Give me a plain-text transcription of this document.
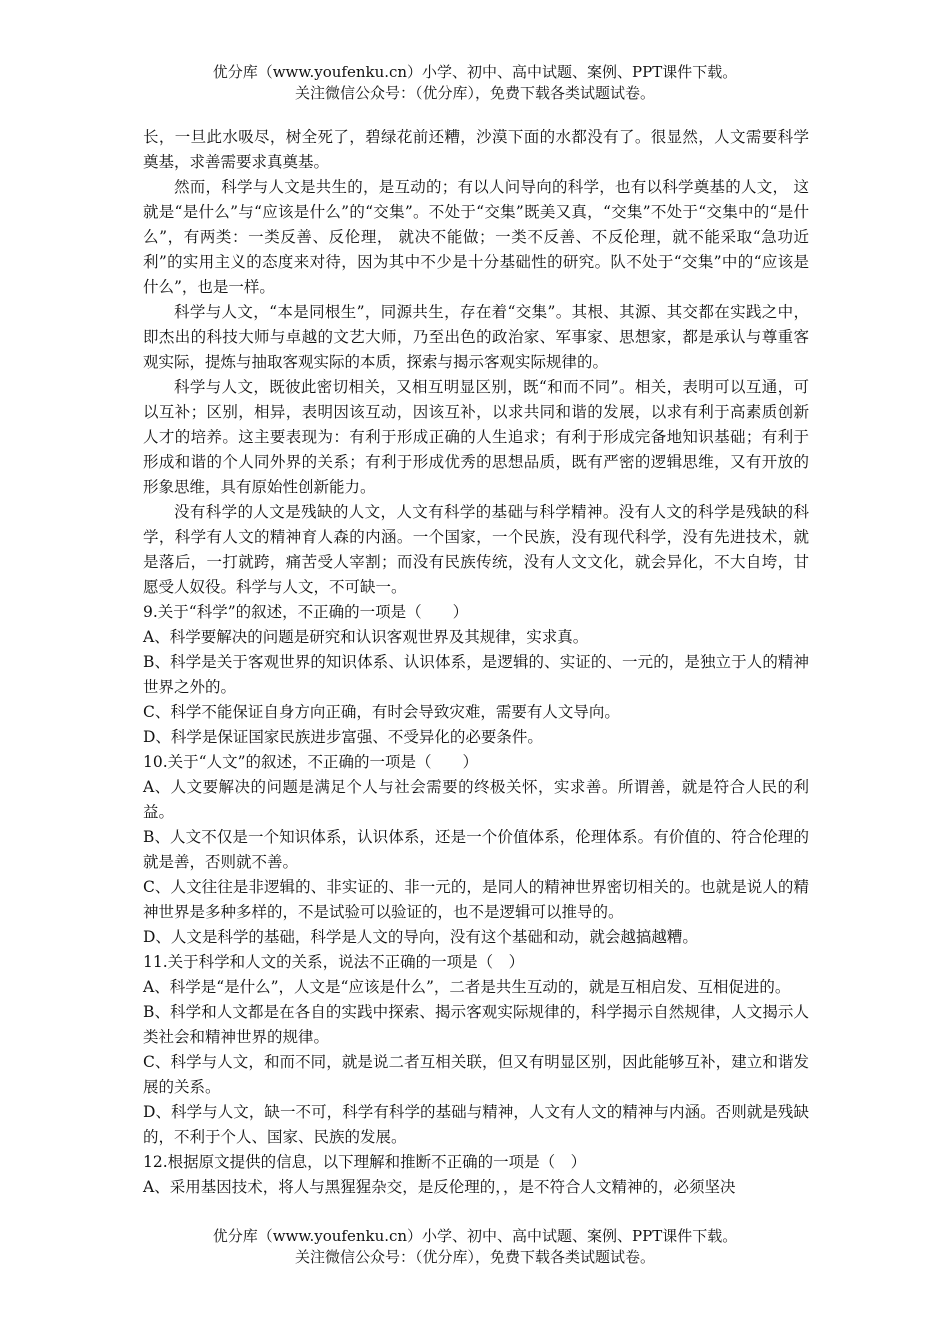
优分库（www.youfenku.cn）小学、初中、高中试题、案例、PPT课件下载。
关注微信公众号：（优分库），免费下载各类试题试卷。

长，一旦此水吸尽，树全死了，碧绿花前还糟，沙漠下面的水都没有了。很显然，人文需要科学奠基，求善需要求真奠基。

然而，科学与人文是共生的，是互动的；有以人问导向的科学，也有以科学奠基的人文， 这就是“是什么”与“应该是什么”的“交集”。不处于“交集”既美又真，“交集”不处于“交集中的“是什么”，有两类：一类反善、反伦理， 就决不能做；一类不反善、不反伦理，就不能采取“急功近利”的实用主义的态度来对待，因为其中不少是十分基础性的研究。队不处于“交集”中的“应该是什么”，也是一样。

科学与人文，“本是同根生”，同源共生，存在着“交集”。其根、其源、其交都在实践之中，即杰出的科技大师与卓越的文艺大师，乃至出色的政治家、军事家、思想家，都是承认与尊重客观实际，提炼与抽取客观实际的本质，探索与揭示客观实际规律的。

科学与人文，既彼此密切相关，又相互明显区别，既“和而不同”。相关，表明可以互通，可以互补；区别，相异，表明因该互动，因该互补，以求共同和谐的发展，以求有利于高素质创新人才的培养。这主要表现为：有利于形成正确的人生追求；有利于形成完备地知识基础；有利于形成和谐的个人同外界的关系；有利于形成优秀的思想品质，既有严密的逻辑思维，又有开放的形象思维，具有原始性创新能力。

没有科学的人文是残缺的人文，人文有科学的基础与科学精神。没有人文的科学是残缺的科学，科学有人文的精神育人森的内涵。一个国家，一个民族，没有现代科学，没有先进技术，就是落后，一打就跨，痛苦受人宰割；而没有民族传统，没有人文文化，就会异化，不大自垮，甘愿受人奴役。科学与人文，不可缺一。

9.关于“科学”的叙述，不正确的一项是（　　）

A、科学要解决的问题是研究和认识客观世界及其规律，实求真。

B、科学是关于客观世界的知识体系、认识体系，是逻辑的、实证的、一元的，是独立于人的精神世界之外的。

C、科学不能保证自身方向正确，有时会导致灾难，需要有人文导向。

D、科学是保证国家民族进步富强、不受异化的必要条件。

10.关于“人文”的叙述，不正确的一项是（　　）

A、人文要解决的问题是满足个人与社会需要的终极关怀，实求善。所谓善，就是符合人民的利益。

B、人文不仅是一个知识体系，认识体系，还是一个价值体系，伦理体系。有价值的、符合伦理的就是善，否则就不善。

C、人文往往是非逻辑的、非实证的、非一元的，是同人的精神世界密切相关的。也就是说人的精神世界是多种多样的，不是试验可以验证的，也不是逻辑可以推导的。

D、人文是科学的基础，科学是人文的导向，没有这个基础和动，就会越搞越糟。

11.关于科学和人文的关系，说法不正确的一项是（　）

A、科学是“是什么”，人文是“应该是什么”，二者是共生互动的，就是互相启发、互相促进的。

B、科学和人文都是在各自的实践中探索、揭示客观实际规律的，科学揭示自然规律，人文揭示人类社会和精神世界的规律。

C、科学与人文，和而不同，就是说二者互相关联，但又有明显区别，因此能够互补，建立和谐发展的关系。

D、科学与人文，缺一不可，科学有科学的基础与精神，人文有人文的精神与内涵。否则就是残缺的，不利于个人、国家、民族的发展。

12.根据原文提供的信息，以下理解和推断不正确的一项是（　）

A、采用基因技术，将人与黑猩猩杂交，是反伦理的，，是不符合人文精神的，必须坚决

优分库（www.youfenku.cn）小学、初中、高中试题、案例、PPT课件下载。
关注微信公众号：（优分库），免费下载各类试题试卷。
